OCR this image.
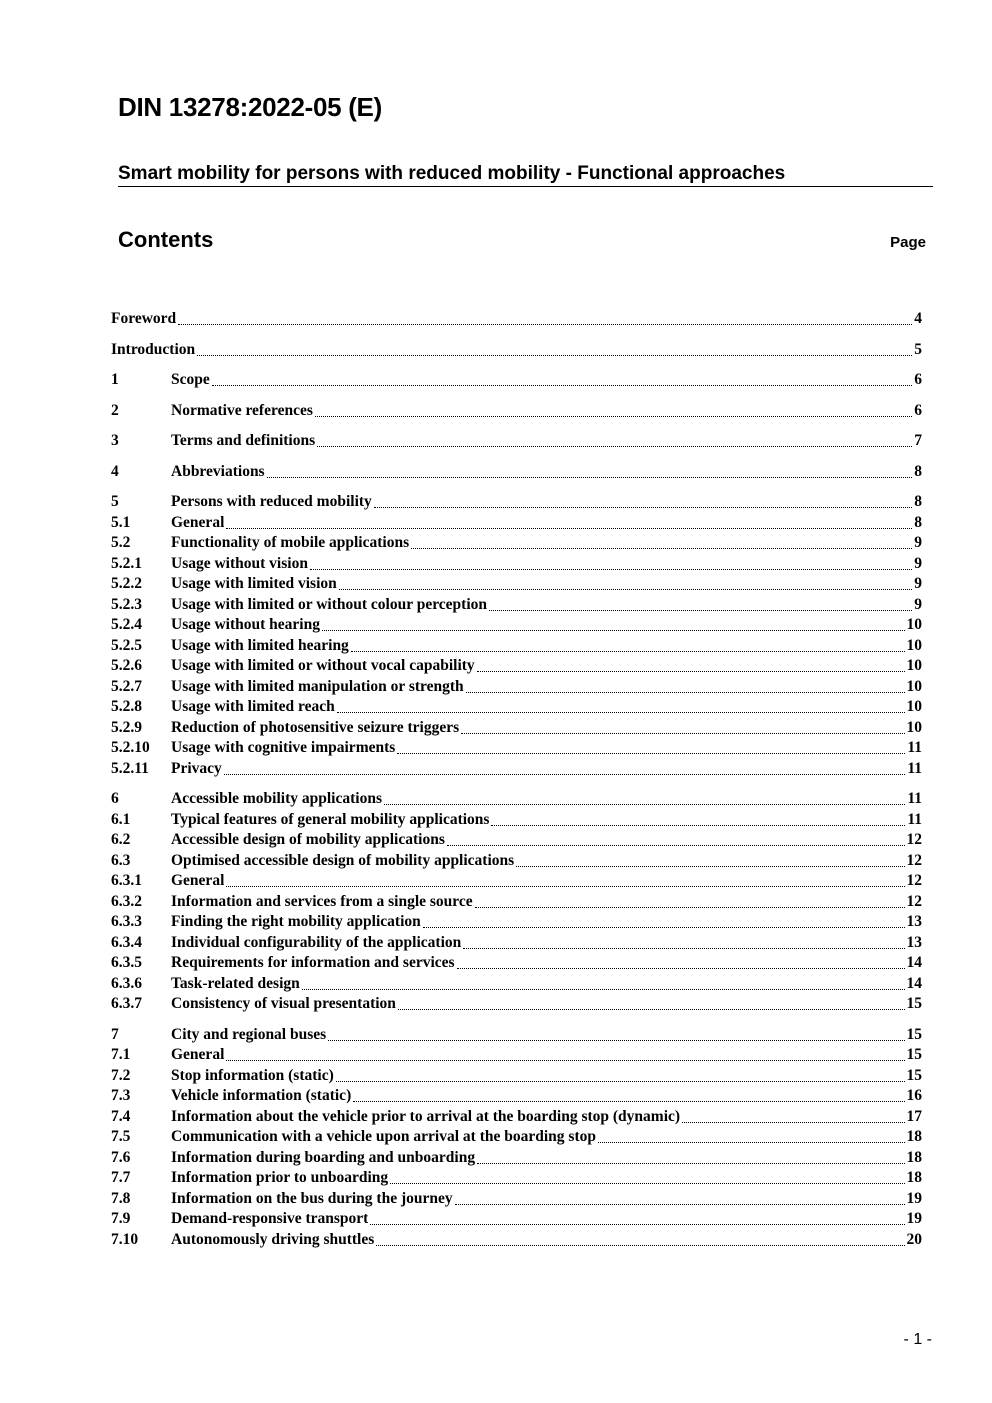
DIN 13278:2022-05 (E)
Smart mobility for persons with reduced mobility - Functional approaches
Contents	Page
Foreword	4
Introduction	5
1	Scope	6
2	Normative references	6
3	Terms and definitions	7
4	Abbreviations	8
5	Persons with reduced mobility	8
5.1	General	8
5.2	Functionality of mobile applications	9
5.2.1	Usage without vision	9
5.2.2	Usage with limited vision	9
5.2.3	Usage with limited or without colour perception	9
5.2.4	Usage without hearing	10
5.2.5	Usage with limited hearing	10
5.2.6	Usage with limited or without vocal capability	10
5.2.7	Usage with limited manipulation or strength	10
5.2.8	Usage with limited reach	10
5.2.9	Reduction of photosensitive seizure triggers	10
5.2.10	Usage with cognitive impairments	11
5.2.11	Privacy	11
6	Accessible mobility applications	11
6.1	Typical features of general mobility applications	11
6.2	Accessible design of mobility applications	12
6.3	Optimised accessible design of mobility applications	12
6.3.1	General	12
6.3.2	Information and services from a single source	12
6.3.3	Finding the right mobility application	13
6.3.4	Individual configurability of the application	13
6.3.5	Requirements for information and services	14
6.3.6	Task-related design	14
6.3.7	Consistency of visual presentation	15
7	City and regional buses	15
7.1	General	15
7.2	Stop information (static)	15
7.3	Vehicle information (static)	16
7.4	Information about the vehicle prior to arrival at the boarding stop (dynamic)	17
7.5	Communication with a vehicle upon arrival at the boarding stop	18
7.6	Information during boarding and unboarding	18
7.7	Information prior to unboarding	18
7.8	Information on the bus during the journey	19
7.9	Demand-responsive transport	19
7.10	Autonomously driving shuttles	20
- 1 -
